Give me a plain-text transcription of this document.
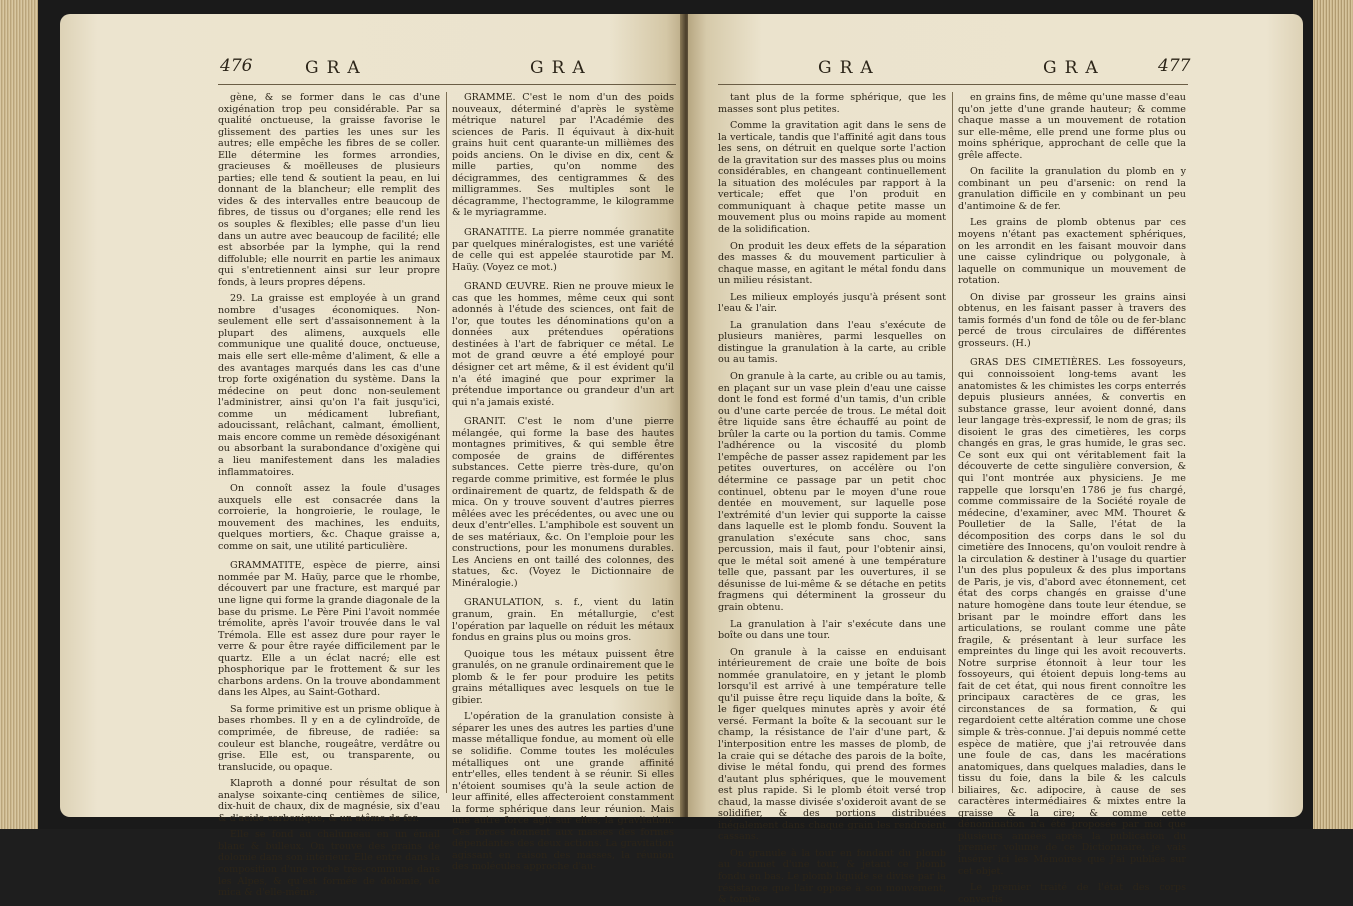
476	GRA	GRA

gène, & se former dans le cas d'une oxigénation trop peu considérable. Par sa qualité onctueuse, la graisse favorise le glissement des parties les unes sur les autres; elle empêche les fibres de se coller. Elle détermine les formes arrondies, gracieuses & moëlleuses de plusieurs parties; elle tend & soutient la peau, en lui donnant de la blancheur; elle remplit des vides & des intervalles entre beaucoup de fibres, de tissus ou d'organes; elle rend les os souples & flexibles; elle passe d'un lieu dans un autre avec beaucoup de facilité; elle est absorbée par la lymphe, qui la rend diffoluble; elle nourrit en partie les animaux qui s'entretiennent ainsi sur leur propre fonds, à leurs propres dépens.

29. La graisse est employée à un grand nombre d'usages économiques. Non-seulement elle sert d'assaisonnement à la plupart des alimens, auxquels elle communique une qualité douce, onctueuse, mais elle sert elle-même d'aliment, & elle a des avantages marqués dans les cas d'une trop forte oxigénation du système. Dans la médecine on peut donc non-seulement l'administrer, ainsi qu'on l'a fait jusqu'ici, comme un médicament lubrefiant, adoucissant, relâchant, calmant, émollient, mais encore comme un remède désoxigénant ou absorbant la surabondance d'oxigène qui a lieu manifestement dans les maladies inflammatoires.

On connoît assez la foule d'usages auxquels elle est consacrée dans la corroierie, la hongroierie, le roulage, le mouvement des machines, les enduits, quelques mortiers, &c. Chaque graisse a, comme on sait, une utilité particulière.

GRAMMATITE, espèce de pierre, ainsi nommée par M. Haüy, parce que le rhombe, découvert par une fracture, est marqué par une ligne qui forme la grande diagonale de la base du prisme. Le Père Pini l'avoit nommée trémolite, après l'avoir trouvée dans le val Trémola. Elle est assez dure pour rayer le verre & pour être rayée difficilement par le quartz. Elle a un éclat nacré; elle est phosphorique par le frottement & sur les charbons ardens. On la trouve abondamment dans les Alpes, au Saint-Gothard.

Sa forme primitive est un prisme oblique à bases rhombes. Il y en a de cylindroïde, de comprimée, de fibreuse, de radiée: sa couleur est blanche, rougeâtre, verdâtre ou grise. Elle est, ou transparente, ou translucide, ou opaque.

Klaproth a donné pour résultat de son analyse soixante-cinq centièmes de silice, dix-huit de chaux, dix de magnésie, six d'eau & d'acide carbonique, & un atôme de fer.

Elle se fond au chalumeau en un émail blanc & bulleux. On trouve des grains de dolomie dans son intérieur. Elle entre dans la composition d'une roche très-commune dans les Alpes, & qu'est formée de dolomie, de mica & d'elle-même.

GRAMME. C'est le nom d'un des poids nouveaux, déterminé d'après le système métrique naturel par l'Académie des sciences de Paris. Il équivaut à dix-huit grains huit cent quarante-un millièmes des poids anciens. On le divise en dix, cent & mille parties, qu'on nomme des décigrammes, des centigrammes & des milligrammes. Ses multiples sont le décagramme, l'hectogramme, le kilogramme & le myriagramme.

GRANATITE. La pierre nommée granatite par quelques minéralogistes, est une variété de celle qui est appelée staurotide par M. Haüy. (Voyez ce mot.)

GRAND ŒUVRE. Rien ne prouve mieux le cas que les hommes, même ceux qui sont adonnés à l'étude des sciences, ont fait de l'or, que toutes les dénominations qu'on a données aux prétendues opérations destinées à l'art de fabriquer ce métal. Le mot de grand œuvre a été employé pour désigner cet art même, & il est évident qu'il n'a été imaginé que pour exprimer la prétendue importance ou grandeur d'un art qui n'a jamais existé.

GRANIT. C'est le nom d'une pierre mélangée, qui forme la base des hautes montagnes primitives, & qui semble être composée de grains de différentes substances. Cette pierre très-dure, qu'on regarde comme primitive, est formée le plus ordinairement de quartz, de feldspath & de mica. On y trouve souvent d'autres pierres mêlées avec les précédentes, ou avec une ou deux d'entr'elles. L'amphibole est souvent un de ses matériaux, &c. On l'emploie pour les constructions, pour les monumens durables. Les Anciens en ont taillé des colonnes, des statues, &c. (Voyez le Dictionnaire de Minéralogie.)

GRANULATION, s. f., vient du latin granum, grain. En métallurgie, c'est l'opération par laquelle on réduit les métaux fondus en grains plus ou moins gros.

Quoique tous les métaux puissent être granulés, on ne granule ordinairement que le plomb & le fer pour produire les petits grains métalliques avec lesquels on tue le gibier.

L'opération de la granulation consiste à séparer les unes des autres les parties d'une masse métallique fondue, au moment où elle se solidifie. Comme toutes les molécules métalliques ont une grande affinité entr'elles, elles tendent à se réunir. Si elles n'étoient soumises qu'à la seule action de leur affinité, elles affecteroient constamment la forme sphérique dans leur réunion. Mais une autre force agit sur elles, la gravitation. Ces forces donnent aux masses des formes dépendantes des deux actions. La gravitation agissant en raison des masses, la réunion des molécules approche d'au-

GRA	GRA	477

tant plus de la forme sphérique, que les masses sont plus petites.

Comme la gravitation agit dans le sens de la verticale, tandis que l'affinité agit dans tous les sens, on détruit en quelque sorte l'action de la gravitation sur des masses plus ou moins considérables, en changeant continuellement la situation des molécules par rapport à la verticale; effet que l'on produit en communiquant à chaque petite masse un mouvement plus ou moins rapide au moment de la solidification.

On produit les deux effets de la séparation des masses & du mouvement particulier à chaque masse, en agitant le métal fondu dans un milieu résistant.

Les milieux employés jusqu'à présent sont l'eau & l'air.

La granulation dans l'eau s'exécute de plusieurs manières, parmi lesquelles on distingue la granulation à la carte, au crible ou au tamis.

On granule à la carte, au crible ou au tamis, en plaçant sur un vase plein d'eau une caisse dont le fond est formé d'un tamis, d'un crible ou d'une carte percée de trous. Le métal doit être liquide sans être échauffé au point de brûler la carte ou la portion du tamis. Comme l'adhérence ou la viscosité du plomb l'empêche de passer assez rapidement par les petites ouvertures, on accélère ou l'on détermine ce passage par un petit choc continuel, obtenu par le moyen d'une roue dentée en mouvement, sur laquelle pose l'extrémité d'un levier qui supporte la caisse dans laquelle est le plomb fondu. Souvent la granulation s'exécute sans choc, sans percussion, mais il faut, pour l'obtenir ainsi, que le métal soit amené à une température telle que, passant par les ouvertures, il se désunisse de lui-même & se détache en petits fragmens qui déterminent la grosseur du grain obtenu.

La granulation à l'air s'exécute dans une boîte ou dans une tour.

On granule à la caisse en enduisant intérieurement de craie une boîte de bois nommée granulatoire, en y jetant le plomb lorsqu'il est arrivé à une température telle qu'il puisse être reçu liquide dans la boîte, & le figer quelques minutes après y avoir été versé. Fermant la boîte & la secouant sur le champ, la résistance de l'air d'une part, & l'interposition entre les masses de plomb, de la craie qui se détache des parois de la boîte, divise le métal fondu, qui prend des formes d'autant plus sphériques, que le mouvement est plus rapide. Si le plomb étoit versé trop chaud, la masse divisée s'oxideroit avant de se solidifier, & des portions distribuées inégalement dans chaque grain les rendroient cassans.

On granule à la tour en fondant du plomb au sommet d'une tour, & jetant ce plomb fondu en bas. Le plomb liquide se divise par la résistance que l'air oppose à son mouvement, & tombe

en grains fins, de même qu'une masse d'eau qu'on jette d'une grande hauteur; & comme chaque masse a un mouvement de rotation sur elle-même, elle prend une forme plus ou moins sphérique, approchant de celle que la grêle affecte.

On facilite la granulation du plomb en y combinant un peu d'arsenic: on rend la granulation difficile en y combinant un peu d'antimoine & de fer.

Les grains de plomb obtenus par ces moyens n'étant pas exactement sphériques, on les arrondit en les faisant mouvoir dans une caisse cylindrique ou polygonale, à laquelle on communique un mouvement de rotation.

On divise par grosseur les grains ainsi obtenus, en les faisant passer à travers des tamis formés d'un fond de tôle ou de fer-blanc percé de trous circulaires de différentes grosseurs. (H.)

GRAS DES CIMETIÈRES. Les fossoyeurs, qui connoissoient long-tems avant les anatomistes & les chimistes les corps enterrés depuis plusieurs années, & convertis en substance grasse, leur avoient donné, dans leur langage très-expressif, le nom de gras; ils disoient le gras des cimetières, les corps changés en gras, le gras humide, le gras sec. Ce sont eux qui ont véritablement fait la découverte de cette singulière conversion, & qui l'ont montrée aux physiciens. Je me rappelle que lorsqu'en 1786 je fus chargé, comme commissaire de la Société royale de médecine, d'examiner, avec MM. Thouret & Poulletier de la Salle, l'état de la décomposition des corps dans le sol du cimetière des Innocens, qu'on vouloit rendre à la circulation & destiner à l'usage du quartier l'un des plus populeux & des plus importans de Paris, je vis, d'abord avec étonnement, cet état des corps changés en graisse d'une nature homogène dans toute leur étendue, se brisant par le moindre effort dans les articulations, se roulant comme une pâte fragile, & présentant à leur surface les empreintes du linge qui les avoit recouverts. Notre surprise étonnoit à leur tour les fossoyeurs, qui étoient depuis long-tems au fait de cet état, qui nous firent connoître les principaux caractères de ce gras, les circonstances de sa formation, & qui regardoient cette altération comme une chose simple & très-connue. J'ai depuis nommé cette espèce de matière, que j'ai retrouvée dans une foule de cas, dans les macérations anatomiques, dans quelques maladies, dans le tissu du foie, dans la bile & les calculs biliaires, &c. adipocire, à cause de ses caractères intermédiaires & mixtes entre la graisse & la cire; & comme cette dénomination n'a été proposée par moi que plusieurs années après la publication du premier volume de ce Dictionnaire, je vais insérer ici les Mémoires que j'ai publiés sur cet objet.

Le premier traité de l'état des corps convertis
